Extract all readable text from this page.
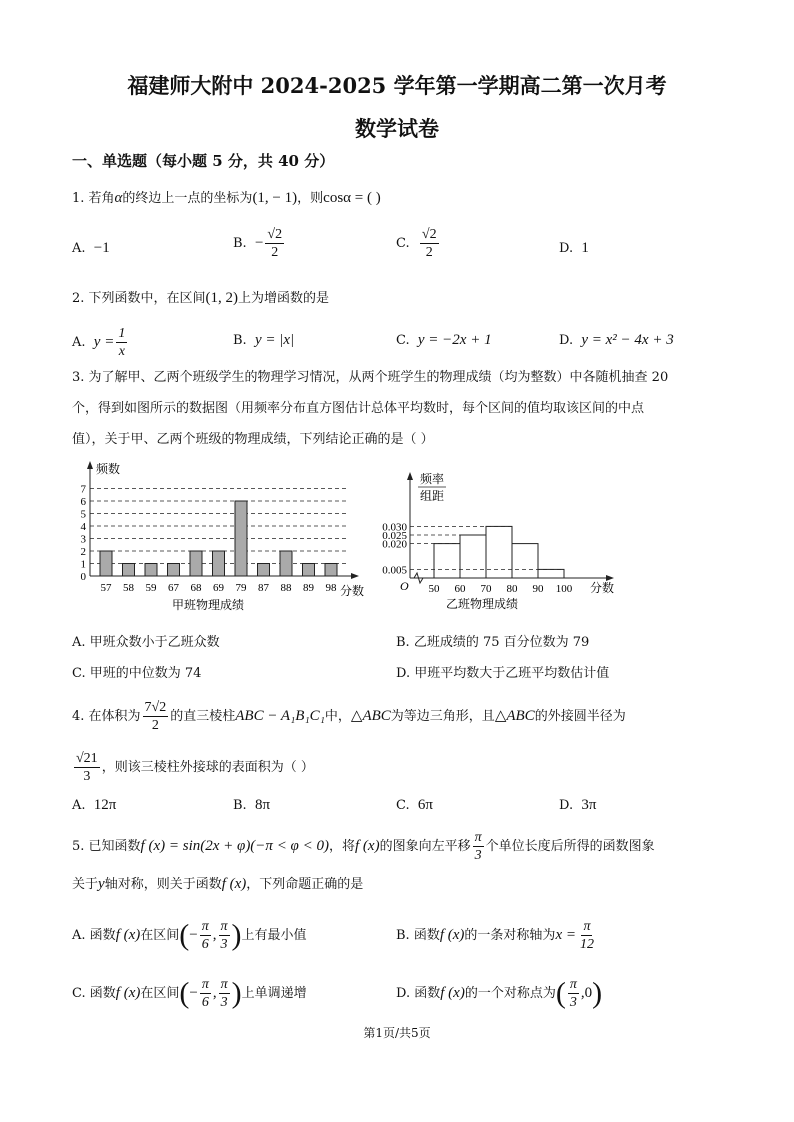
福建师大附中 2024-2025 学年第一学期高二第一次月考
数学试卷
一、单选题（每小题 5 分，共 40 分）
1. 若角α的终边上一点的坐标为(1, − 1)，则cosα = ( )
A. −1	B. − $\frac{√2}{2}$	C. $\frac{√2}{2}$	D. 1
2. 下列函数中，在区间(1, 2)上为增函数的是
A. $y = \frac{1}{x}$	B. y = |x|	C. y = −2x + 1	D. y = x² − 4x + 3
3. 为了解甲、乙两个班级学生的物理学习情况，从两个班学生的物理成绩（均为整数）中各随机抽查 20
个，得到如图所示的数据图（用频率分布直方图估计总体平均数时，每个区间的值均取该区间的中点
值），关于甲、乙两个班级的物理成绩，下列结论正确的是（ ）
0
1
2
3
4
5
6
7
57 58 59 67 68 69 79 87 88 89 98
频数
分数
甲班物理成绩
O
0.005
0.020
0.025
0.030
50 60 70 80 90 100
频率
组距
分数
乙班物理成绩
A. 甲班众数小于乙班众数	B. 乙班成绩的 75 百分位数为 79
C. 甲班的中位数为 74	D. 甲班平均数大于乙班平均数估计值
4. 在体积为 $\frac{7√2}{2}$ 的直三棱柱ABC − A₁B₁C₁中，△ABC为等边三角形，且△ABC的外接圆半径为
$\frac{√21}{3}$ ，则该三棱柱外接球的表面积为（ ）
A. 12π	B. 8π	C. 6π	D. 3π
5. 已知函数f (x) = sin(2x + φ)(−π < φ < 0)，将f (x)的图象向左平移 $\frac{\pi}{3}$ 个单位长度后所得的函数图象
关于y轴对称，则关于函数f (x)，下列命题正确的是
A. 函数f (x)在区间(− $\frac{\pi}{6}$ , $\frac{\pi}{3}$ )上有最小值	B. 函数f (x)的一条对称轴为$x = \frac{\pi}{12}$
C. 函数f (x)在区间(− $\frac{\pi}{6}$ , $\frac{\pi}{3}$ )上单调递增	D. 函数f (x)的一个对称点为( $\frac{\pi}{3} ,0$)
第1页/共5页
